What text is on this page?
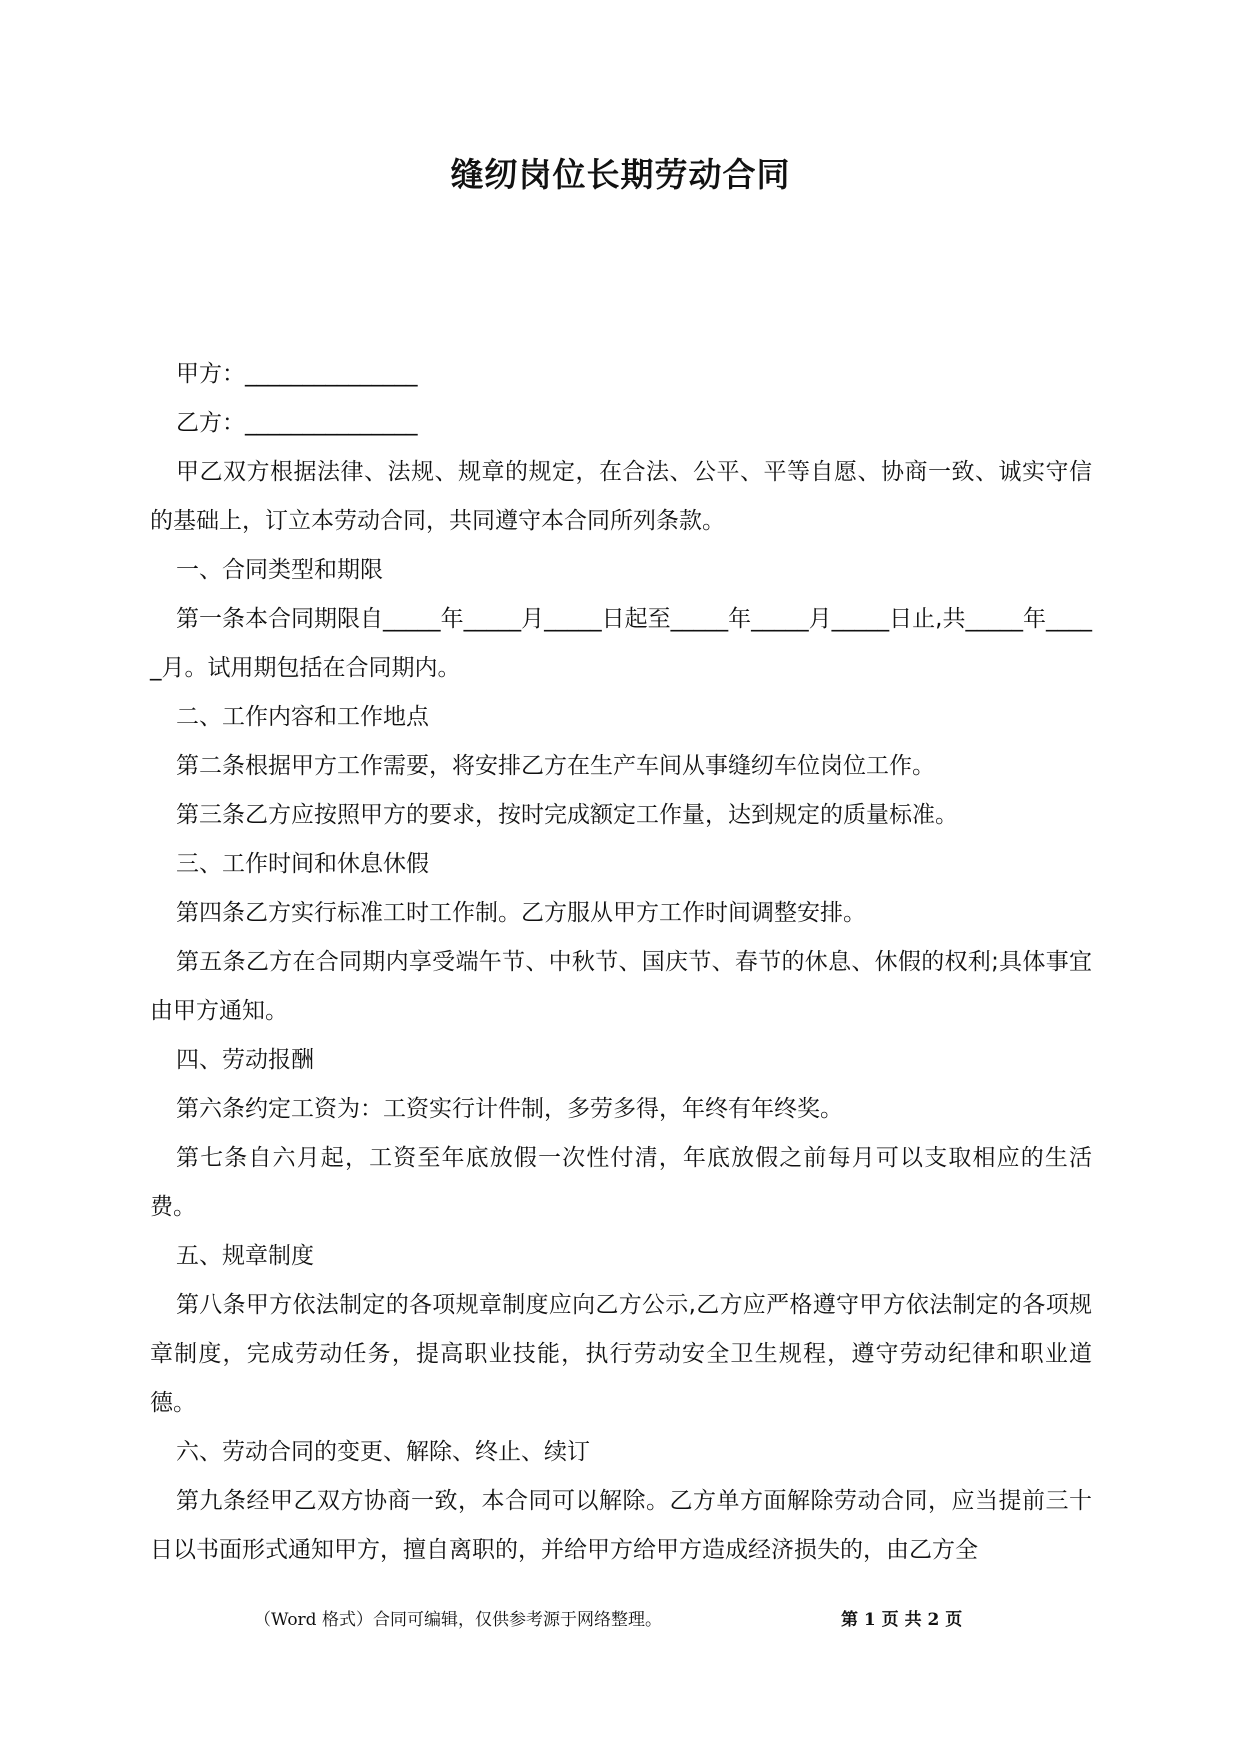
缝纫岗位长期劳动合同

甲方：_______________

乙方：_______________

甲乙双方根据法律、法规、规章的规定，在合法、公平、平等自愿、协商一致、诚实守信的基础上，订立本劳动合同，共同遵守本合同所列条款。

一、合同类型和期限

第一条本合同期限自_____年_____月_____日起至_____年_____月_____日止,共_____年_____月。试用期包括在合同期内。

二、工作内容和工作地点

第二条根据甲方工作需要，将安排乙方在生产车间从事缝纫车位岗位工作。

第三条乙方应按照甲方的要求，按时完成额定工作量，达到规定的质量标准。

三、工作时间和休息休假

第四条乙方实行标准工时工作制。乙方服从甲方工作时间调整安排。

第五条乙方在合同期内享受端午节、中秋节、国庆节、春节的休息、休假的权利;具体事宜由甲方通知。

四、劳动报酬

第六条约定工资为：工资实行计件制，多劳多得，年终有年终奖。

第七条自六月起，工资至年底放假一次性付清，年底放假之前每月可以支取相应的生活费。

五、规章制度

第八条甲方依法制定的各项规章制度应向乙方公示,乙方应严格遵守甲方依法制定的各项规章制度，完成劳动任务，提高职业技能，执行劳动安全卫生规程，遵守劳动纪律和职业道德。

六、劳动合同的变更、解除、终止、续订

第九条经甲乙双方协商一致，本合同可以解除。乙方单方面解除劳动合同，应当提前三十日以书面形式通知甲方，擅自离职的，并给甲方给甲方造成经济损失的，由乙方全

（Word 格式）合同可编辑，仅供参考源于网络整理。	第 1 页 共 2 页
